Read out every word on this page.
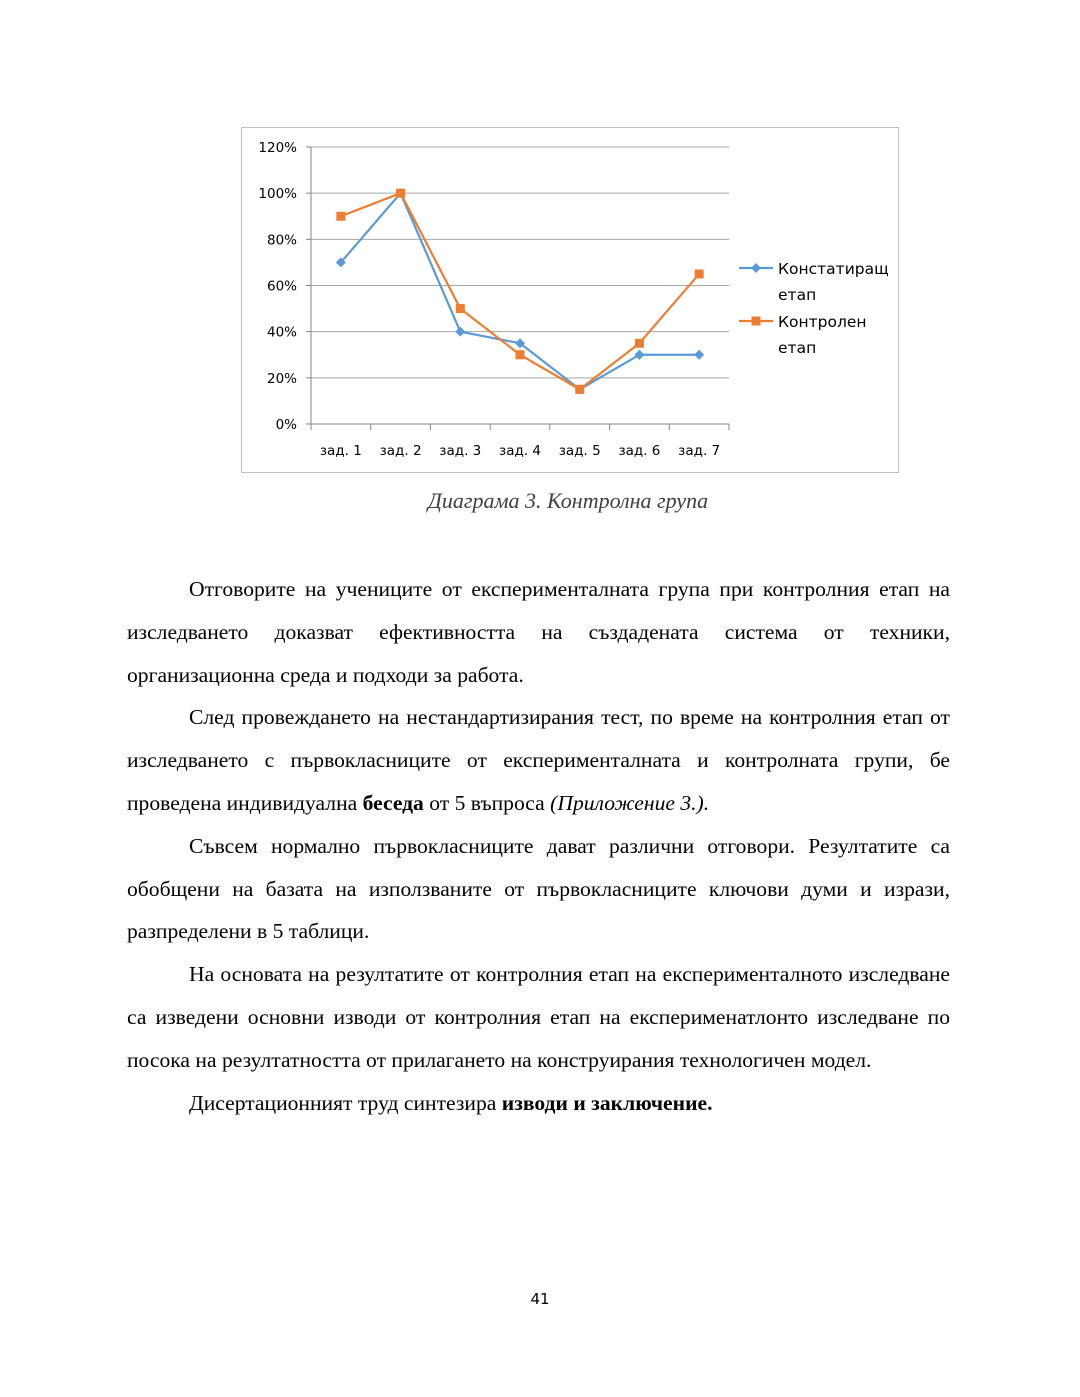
0%
20%
40%
60%
80%
100%
120%
зад. 1 зад. 2 зад. 3 зад. 4 зад. 5 зад. 6 зад. 7
Констатиращ
етап
Контролен
етап
Диаграма 3. Контролна група

Отговорите на учениците от експерименталната група при контролния етап на изследването доказват ефективността на създадената система от техники, организационна среда и подходи за работа.

След провеждането на нестандартизирания тест, по време на контролния етап от изследването с първокласниците от експерименталната и контролната групи, бе проведена индивидуална беседа от 5 въпроса (Приложение 3.).

Съвсем нормално първокласниците дават различни отговори. Резултатите са обобщени на базата на използваните от първокласниците ключови думи и изрази, разпределени в 5 таблици.

На основата на резултатите от контролния етап на експерименталното изследване са изведени основни изводи от контролния етап на експерименатлонто изследване по посока на резултатността от прилагането на конструирания технологичен модел.

Дисертационният труд синтезира изводи и заключение.

41
